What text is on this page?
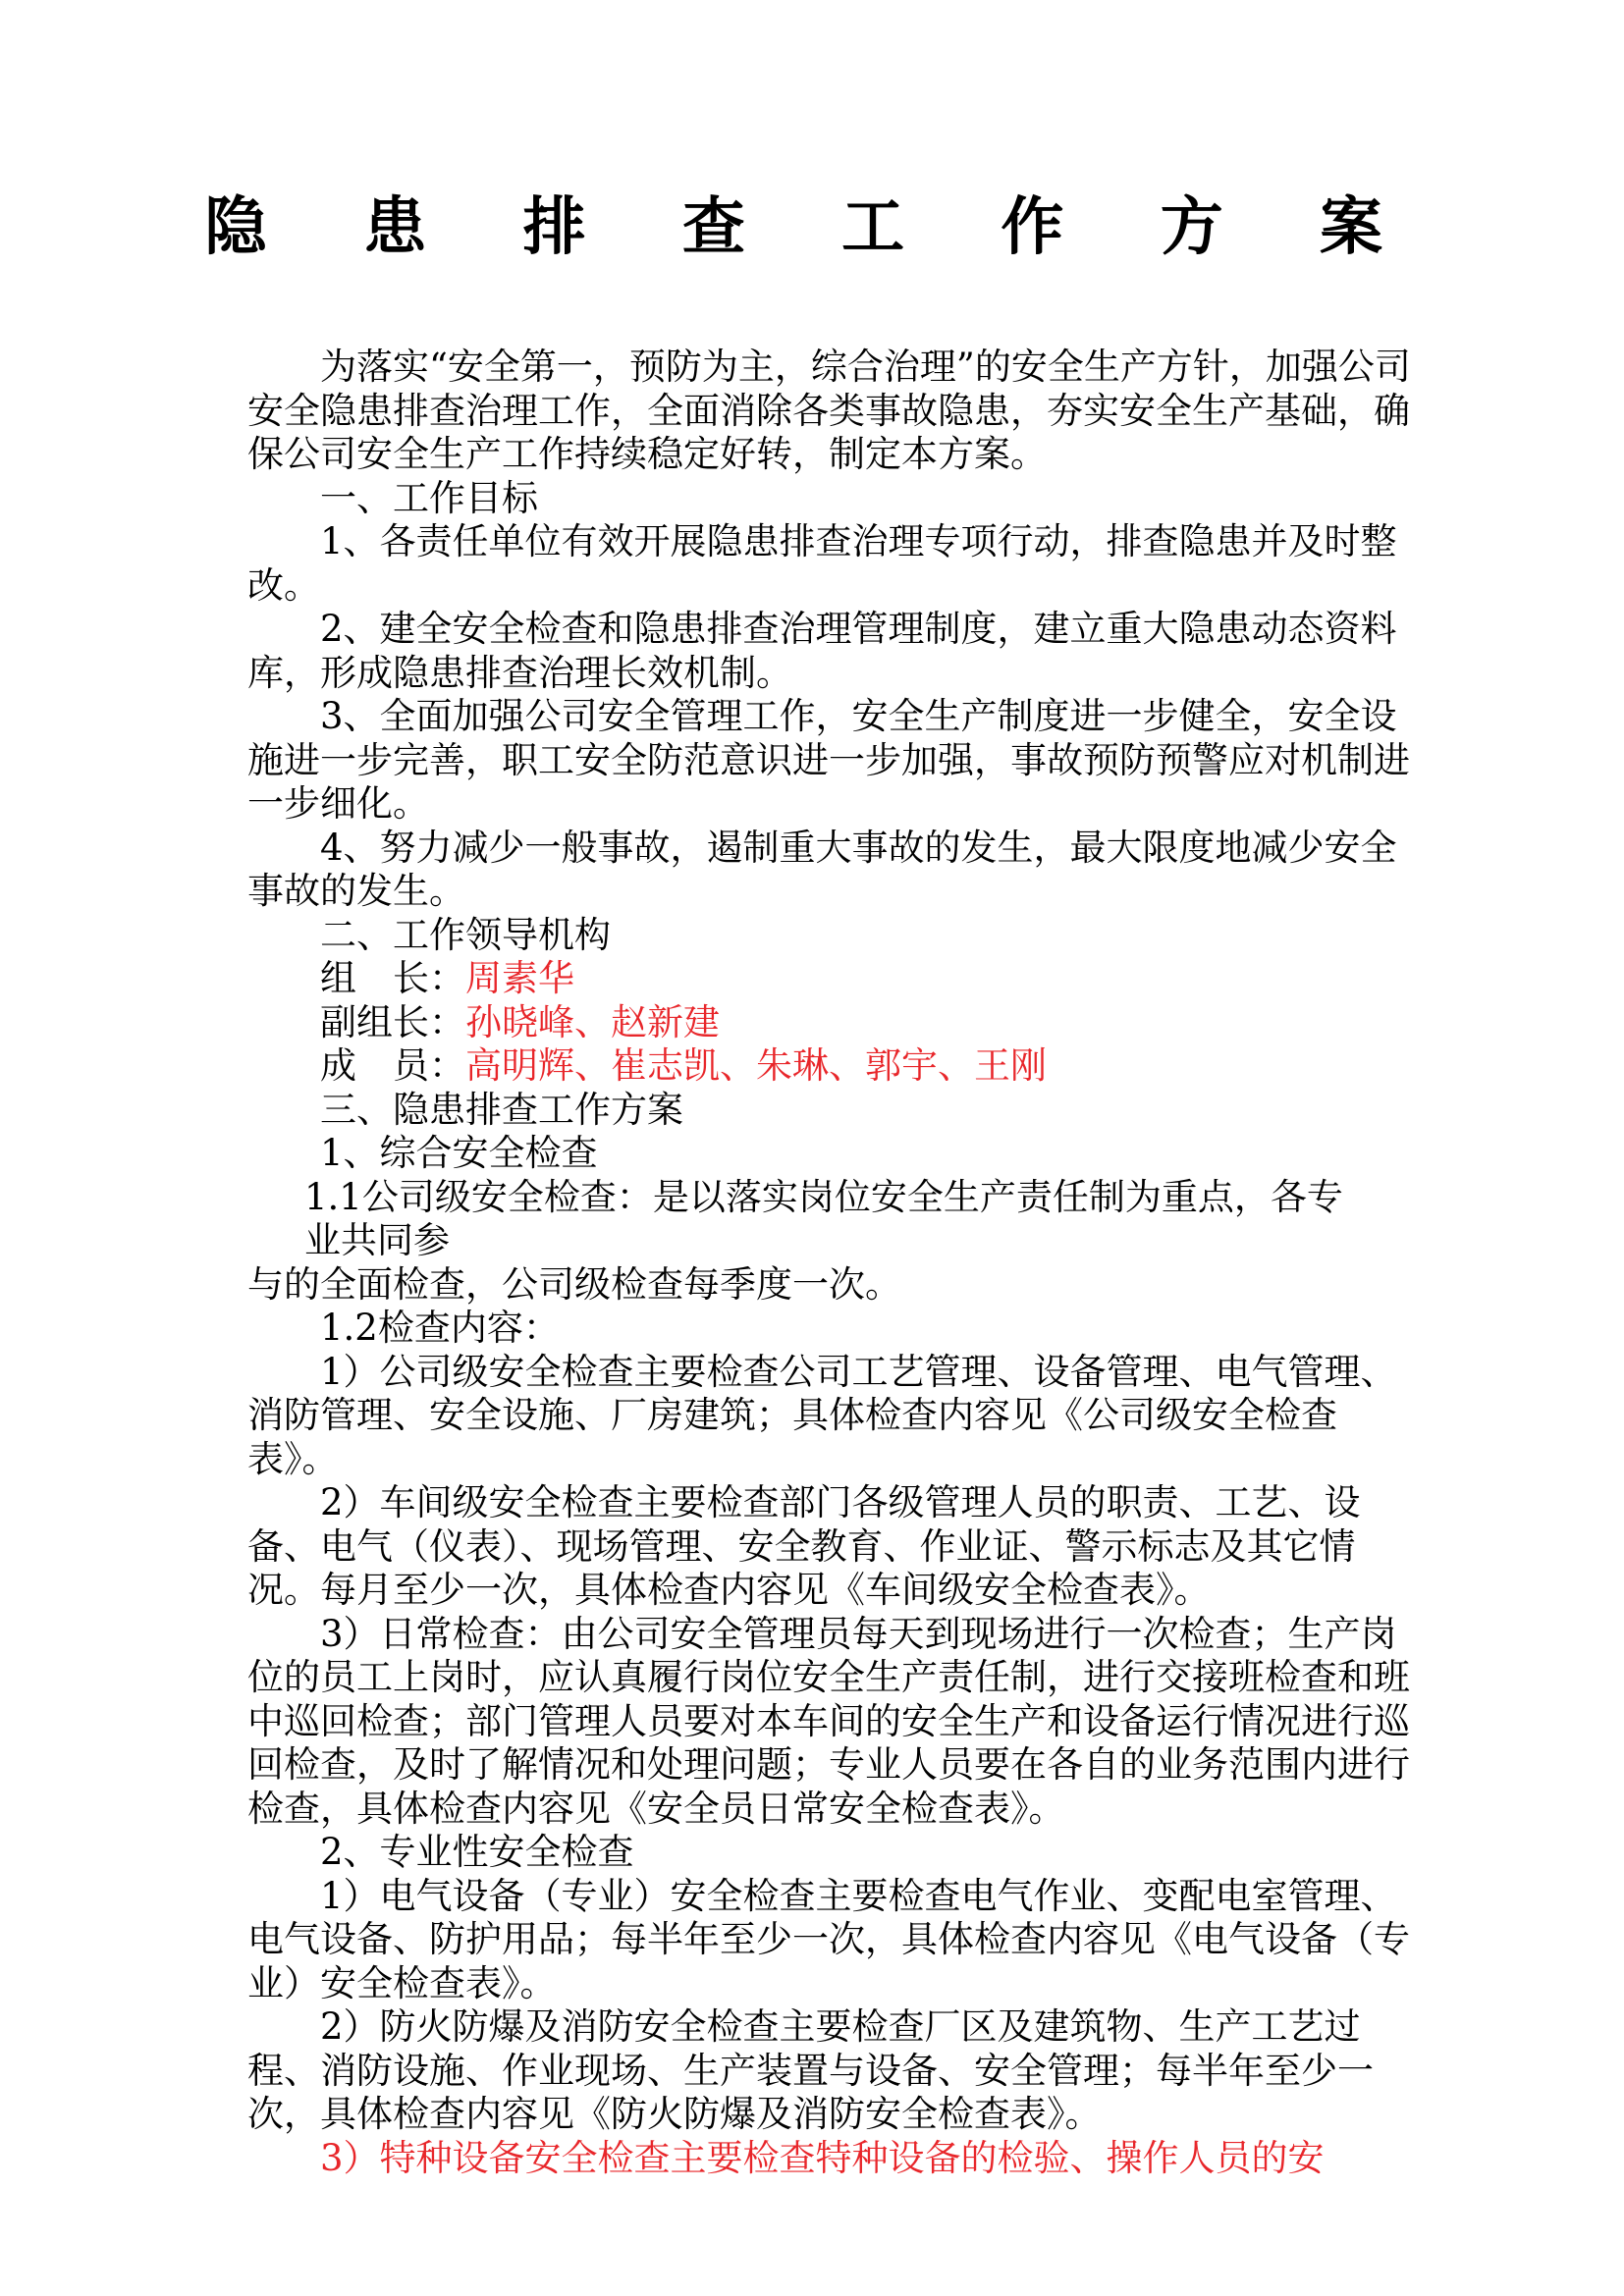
隐 患 排 查 工 作 方 案

为落实“安全第一，预防为主，综合治理”的安全生产方针，加强公司安全隐患排查治理工作，全面消除各类事故隐患，夯实安全生产基础，确保公司安全生产工作持续稳定好转，制定本方案。

一、工作目标

1、各责任单位有效开展隐患排查治理专项行动，排查隐患并及时整改。

2、建全安全检查和隐患排查治理管理制度，建立重大隐患动态资料库，形成隐患排查治理长效机制。

3、全面加强公司安全管理工作，安全生产制度进一步健全，安全设施进一步完善，职工安全防范意识进一步加强，事故预防预警应对机制进一步细化。

4、努力减少一般事故，遏制重大事故的发生，最大限度地减少安全事故的发生。

二、工作领导机构

组　长：周素华

副组长：孙晓峰、赵新建

成　员：高明辉、崔志凯、朱琳、郭宇、王刚

三、隐患排查工作方案

1、综合安全检查

1.1公司级安全检查：是以落实岗位安全生产责任制为重点，各专

业共同参

与的全面检查，公司级检查每季度一次。

1.2检查内容：

1）公司级安全检查主要检查公司工艺管理、设备管理、电气管理、消防管理、安全设施、厂房建筑；具体检查内容见《公司级安全检查表》。

2）车间级安全检查主要检查部门各级管理人员的职责、工艺、设备、电气（仪表）、现场管理、安全教育、作业证、警示标志及其它情况。每月至少一次，具体检查内容见《车间级安全检查表》。

3）日常检查：由公司安全管理员每天到现场进行一次检查；生产岗位的员工上岗时，应认真履行岗位安全生产责任制，进行交接班检查和班中巡回检查；部门管理人员要对本车间的安全生产和设备运行情况进行巡回检查，及时了解情况和处理问题；专业人员要在各自的业务范围内进行检查，具体检查内容见《安全员日常安全检查表》。

2、专业性安全检查

1）电气设备（专业）安全检查主要检查电气作业、变配电室管理、电气设备、防护用品；每半年至少一次，具体检查内容见《电气设备（专业）安全检查表》。

2）防火防爆及消防安全检查主要检查厂区及建筑物、生产工艺过程、消防设施、作业现场、生产装置与设备、安全管理；每半年至少一次，具体检查内容见《防火防爆及消防安全检查表》。

3）特种设备安全检查主要检查特种设备的检验、操作人员的安
